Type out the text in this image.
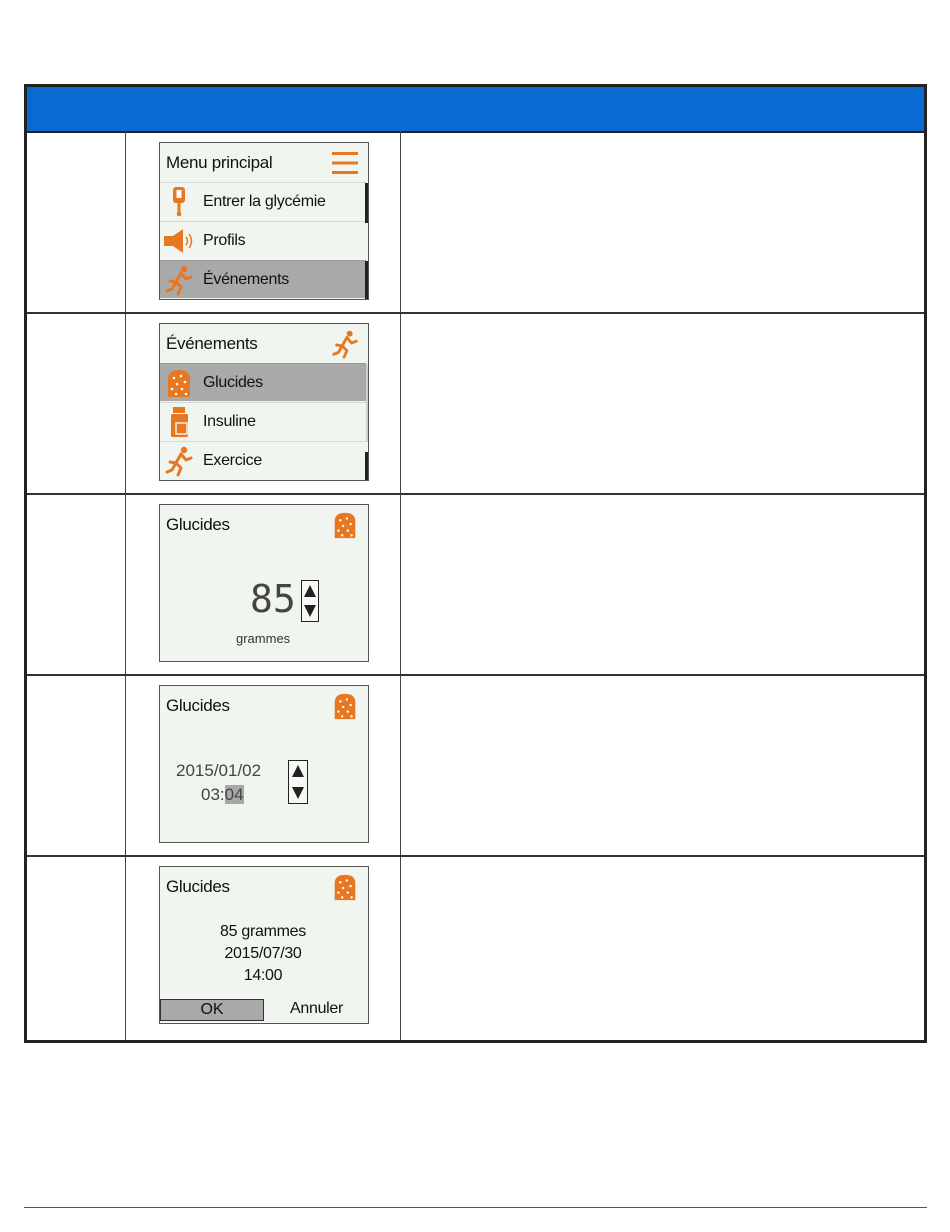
Menu principal
Entrer la glycémie
Profils
Événements
Événements
Glucides
Insuline
Exercice
Glucides
85
grammes
Glucides
2015/01/02
03:04
Glucides
85 grammes
2015/07/30
14:00
OK	Annuler
